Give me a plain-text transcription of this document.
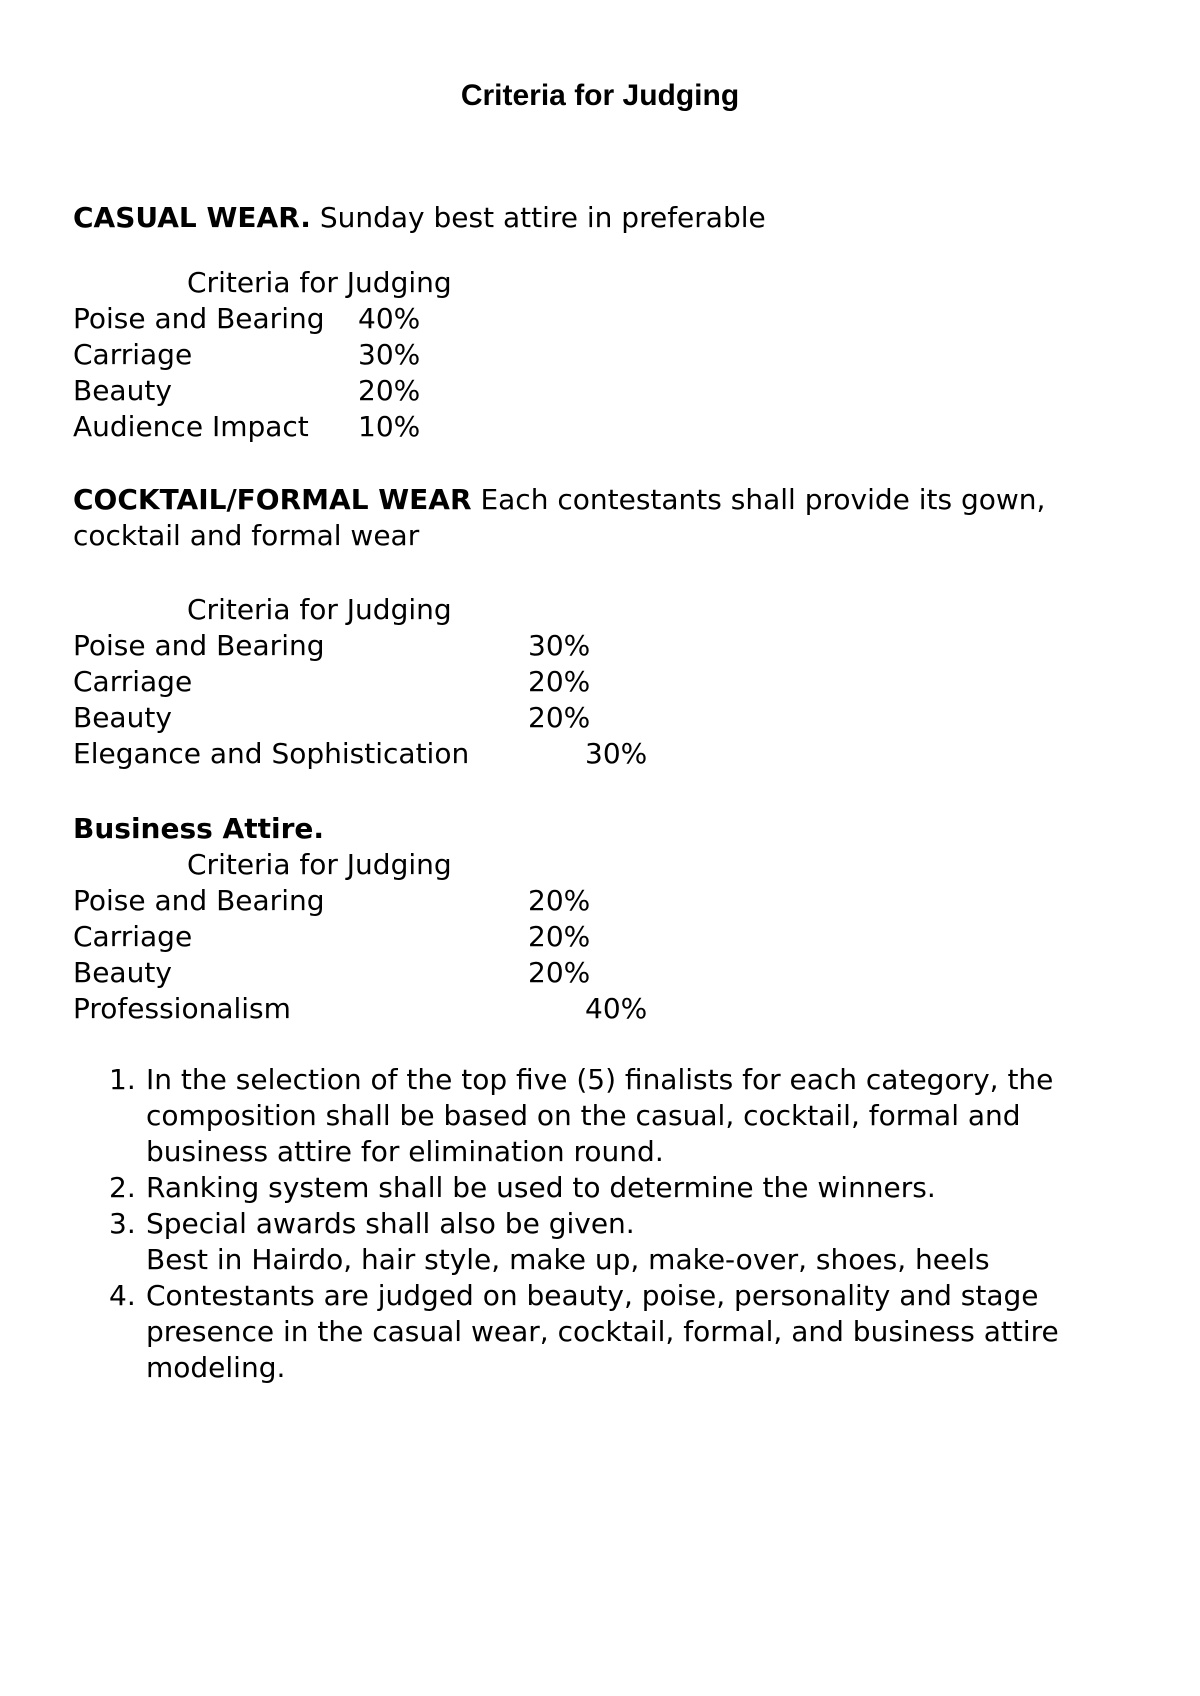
Criteria for Judging
CASUAL WEAR. Sunday best attire in preferable
Criteria for Judging
Poise and Bearing 40%
Carriage	30%
Beauty	20%
Audience Impact 10%
COCKTAIL/FORMAL WEAR Each contestants shall provide its gown, cocktail and formal wear
Criteria for Judging
Poise and Bearing	30%
Carriage	20%
Beauty	20%
Elegance and Sophistication	30%
Business Attire.
Criteria for Judging
Poise and Bearing	20%
Carriage	20%
Beauty	20%
Professionalism	40%
1. In the selection of the top five (5) finalists for each category, the composition shall be based on the casual, cocktail, formal and business attire for elimination round.
2. Ranking system shall be used to determine the winners.
3. Special awards shall also be given.
Best in Hairdo, hair style, make up, make-over, shoes, heels
4. Contestants are judged on beauty, poise, personality and stage presence in the casual wear, cocktail, formal, and business attire modeling.
